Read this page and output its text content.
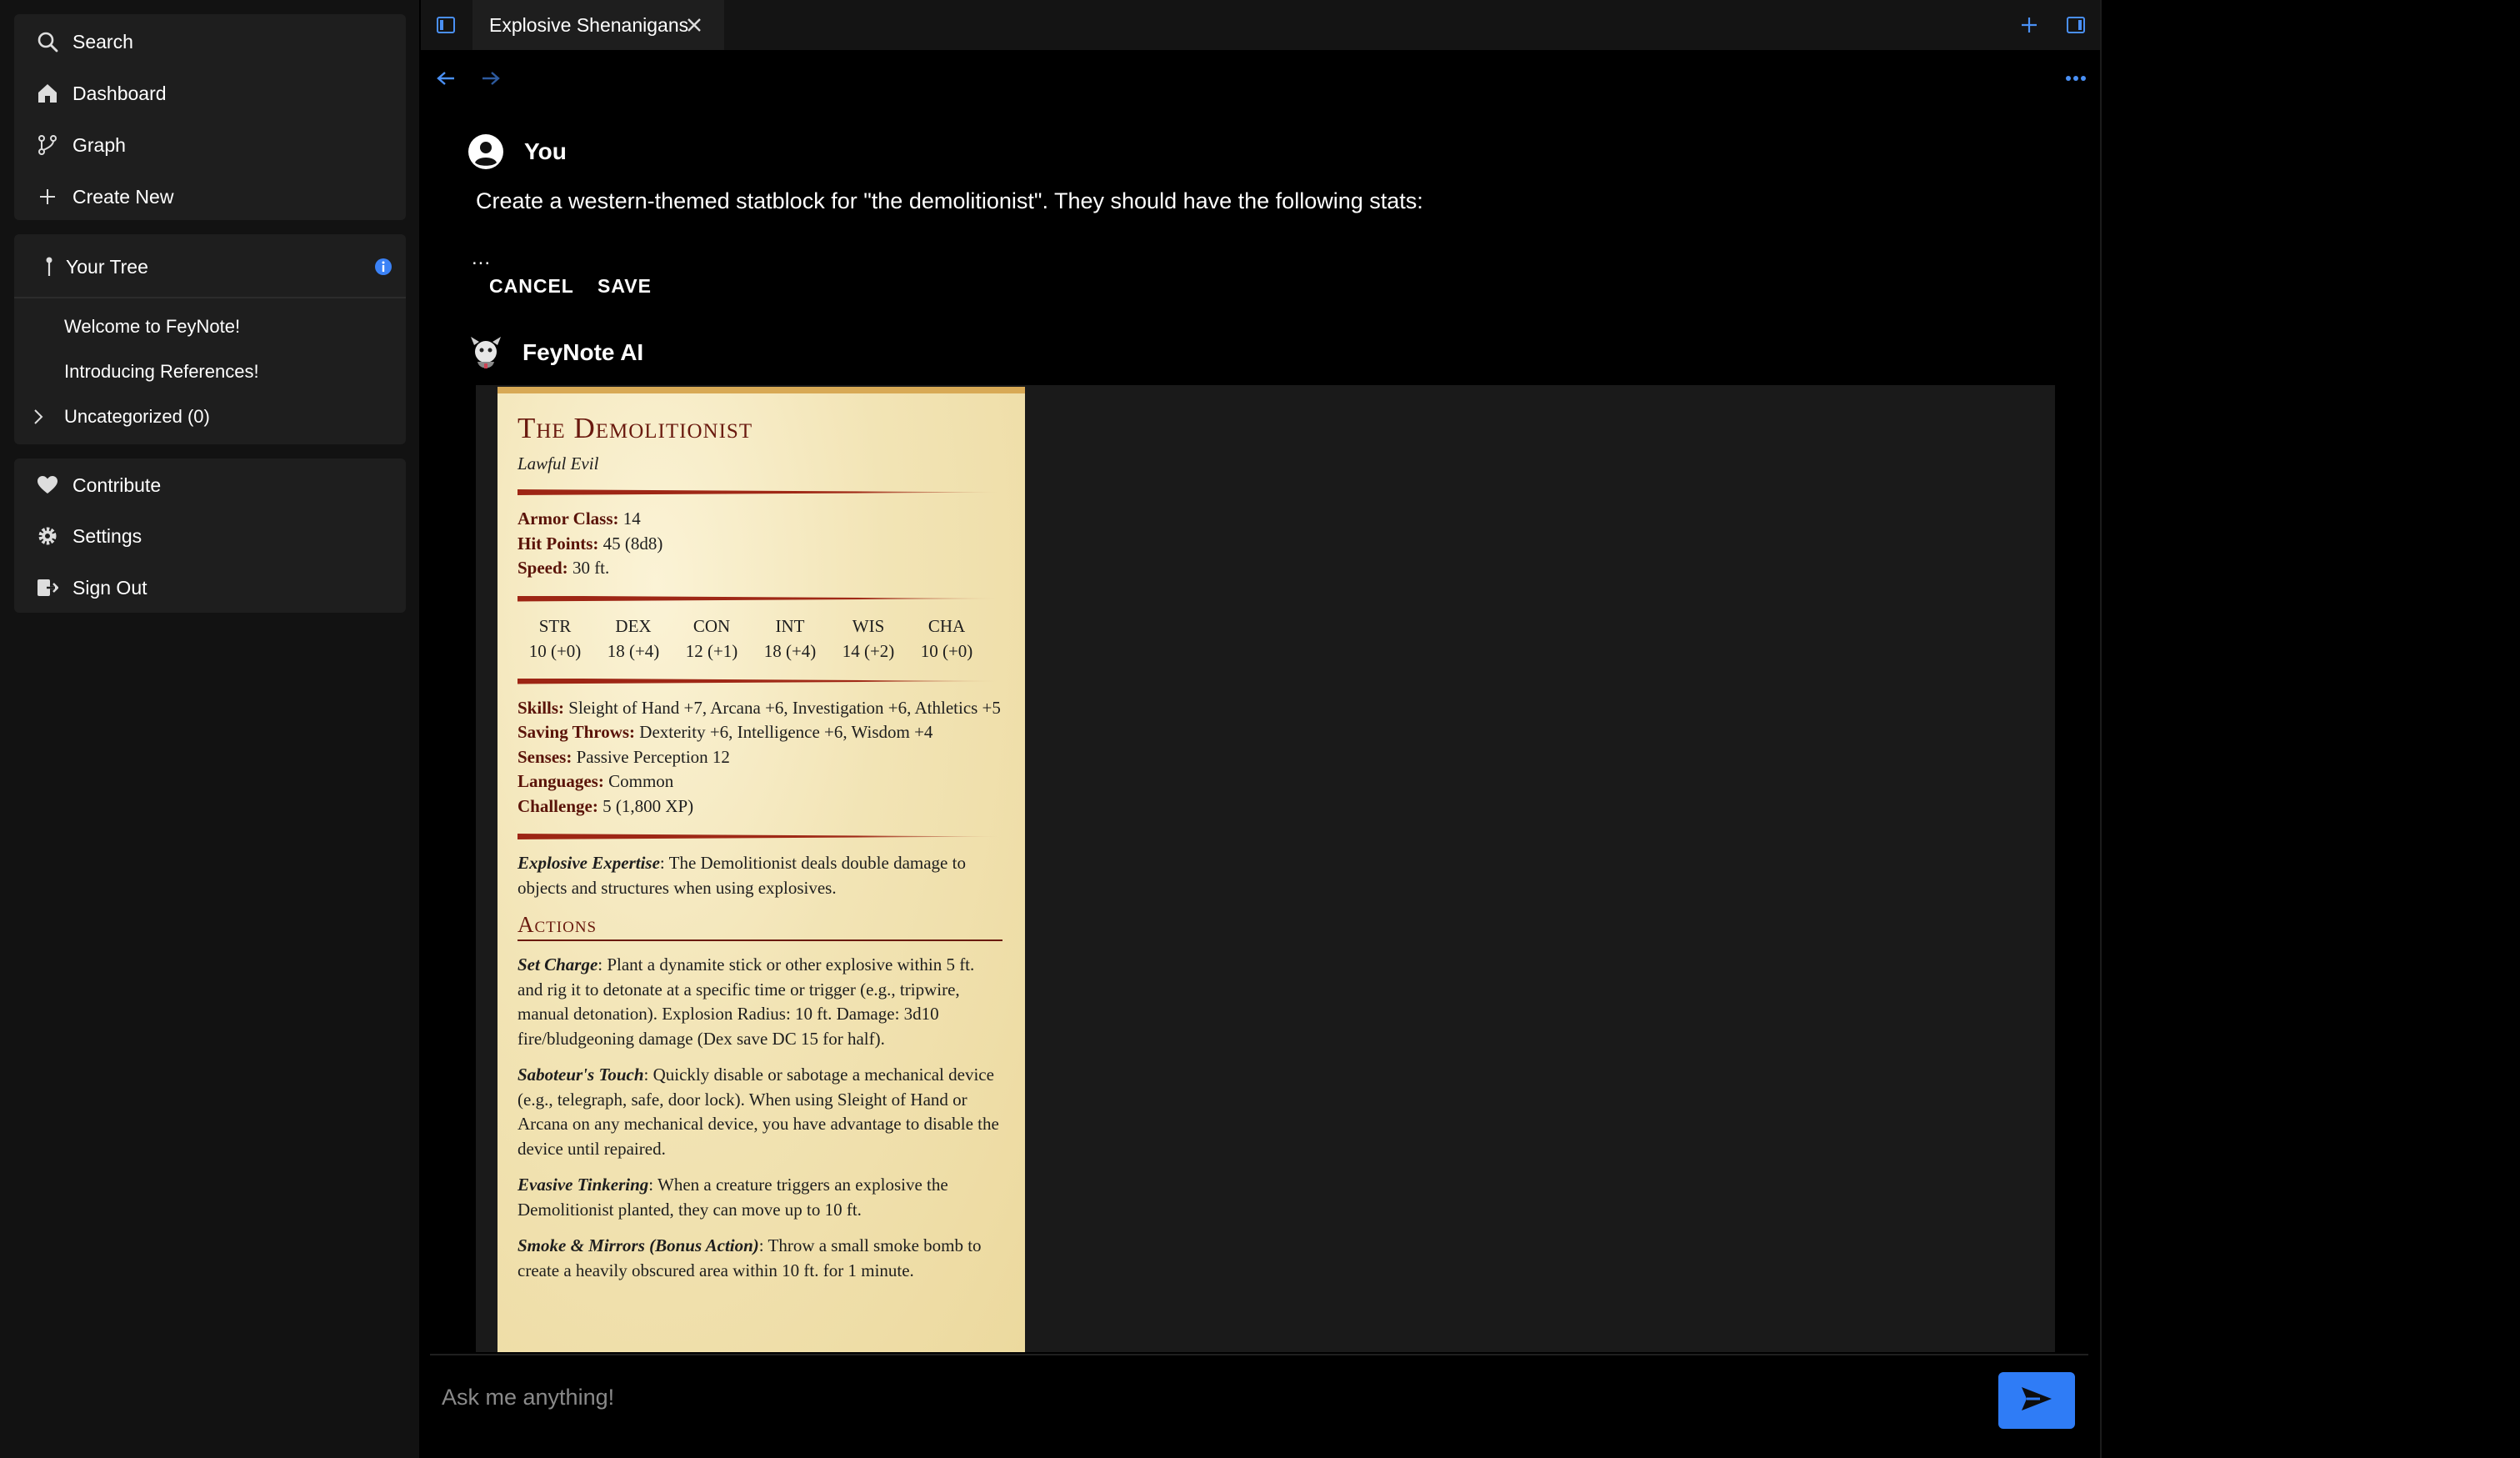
Search
Dashboard
Graph
Create New
Your Tree
Welcome to FeyNote!
Introducing References!
Uncategorized (0)
Contribute
Settings
Sign Out
Explosive Shenanigans
You
Create a western-themed statblock for "the demolitionist". They should have the following stats:
...
CANCEL SAVE
FeyNote AI
The Demolitionist
Lawful Evil
Armor Class: 14
Hit Points: 45 (8d8)
Speed: 30 ft.
STR
10 (+0)
DEX
18 (+4)
CON
12 (+1)
INT
18 (+4)
WIS
14 (+2)
CHA
10 (+0)
Skills: Sleight of Hand +7, Arcana +6, Investigation +6, Athletics +5
Saving Throws: Dexterity +6, Intelligence +6, Wisdom +4
Senses: Passive Perception 12
Languages: Common
Challenge: 5 (1,800 XP)
Explosive Expertise: The Demolitionist deals double damage to objects and structures when using explosives.
Actions
Set Charge: Plant a dynamite stick or other explosive within 5 ft. and rig it to detonate at a specific time or trigger (e.g., tripwire, manual detonation). Explosion Radius: 10 ft. Damage: 3d10 fire/bludgeoning damage (Dex save DC 15 for half).
Saboteur's Touch: Quickly disable or sabotage a mechanical device (e.g., telegraph, safe, door lock). When using Sleight of Hand or Arcana on any mechanical device, you have advantage to disable the device until repaired.
Evasive Tinkering: When a creature triggers an explosive the Demolitionist planted, they can move up to 10 ft.
Smoke & Mirrors (Bonus Action): Throw a small smoke bomb to create a heavily obscured area within 10 ft. for 1 minute.
Ask me anything!
